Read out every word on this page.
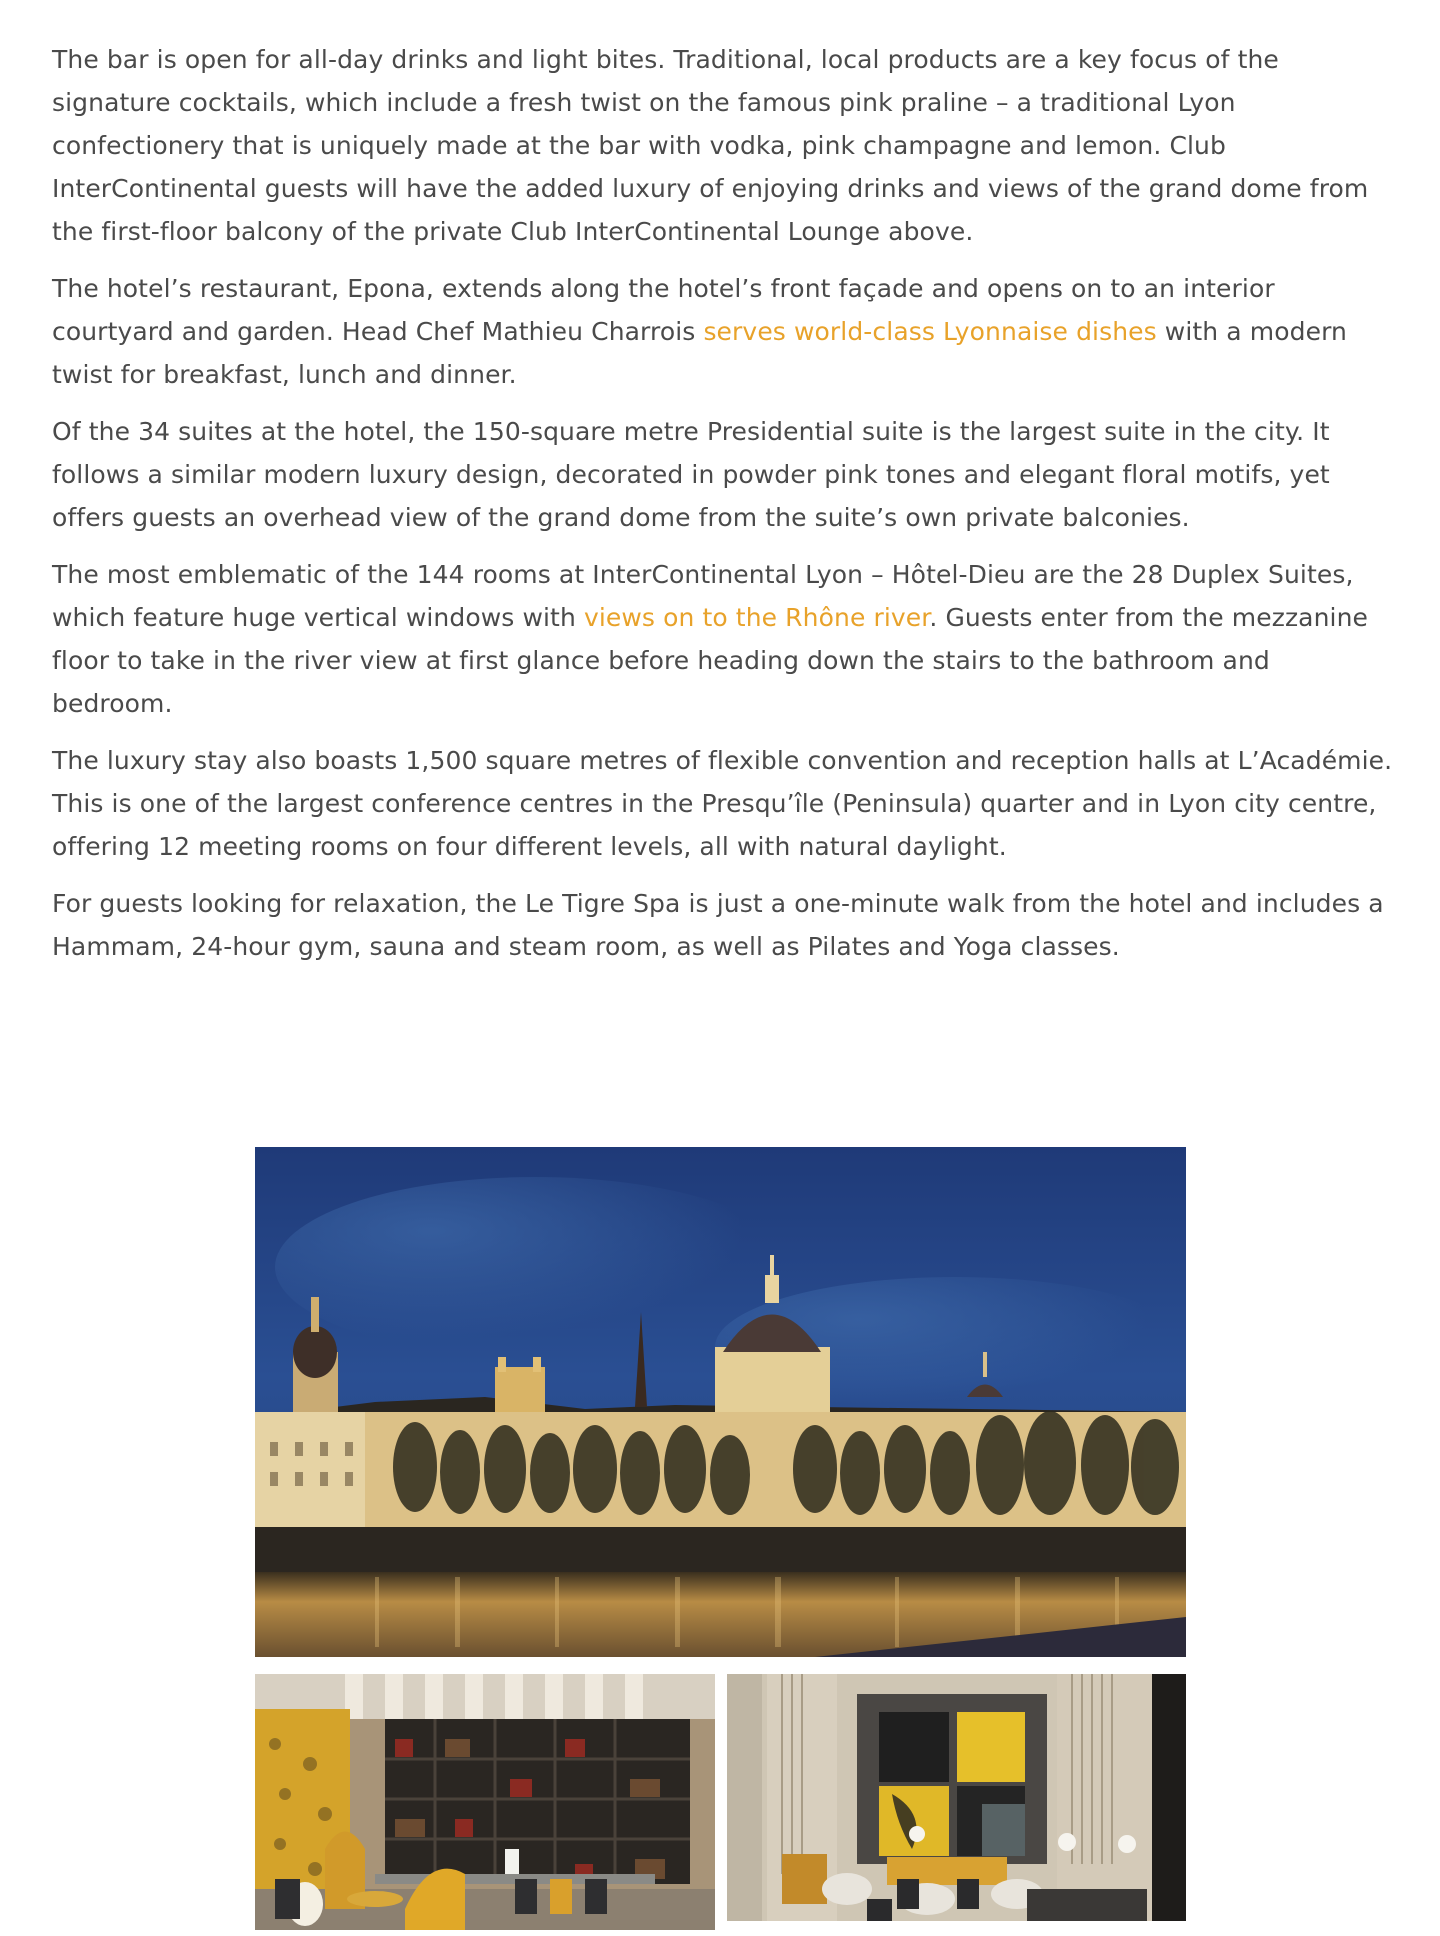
The bar is open for all-day drinks and light bites. Traditional, local products are a key focus of the signature cocktails, which include a fresh twist on the famous pink praline – a traditional Lyon confectionery that is uniquely made at the bar with vodka, pink champagne and lemon. Club InterContinental guests will have the added luxury of enjoying drinks and views of the grand dome from the first-floor balcony of the private Club InterContinental Lounge above.

The hotel’s restaurant, Epona, extends along the hotel’s front façade and opens on to an interior courtyard and garden. Head Chef Mathieu Charrois serves world-class Lyonnaise dishes with a modern twist for breakfast, lunch and dinner.

Of the 34 suites at the hotel, the 150-square metre Presidential suite is the largest suite in the city. It follows a similar modern luxury design, decorated in powder pink tones and elegant floral motifs, yet offers guests an overhead view of the grand dome from the suite’s own private balconies.

The most emblematic of the 144 rooms at InterContinental Lyon – Hôtel-Dieu are the 28 Duplex Suites, which feature huge vertical windows with views on to the Rhône river. Guests enter from the mezzanine floor to take in the river view at first glance before heading down the stairs to the bathroom and bedroom.

The luxury stay also boasts 1,500 square metres of flexible convention and reception halls at L’Académie. This is one of the largest conference centres in the Presqu’île (Peninsula) quarter and in Lyon city centre, offering 12 meeting rooms on four different levels, all with natural daylight.

For guests looking for relaxation, the Le Tigre Spa is just a one-minute walk from the hotel and includes a Hammam, 24-hour gym, sauna and steam room, as well as Pilates and Yoga classes.
